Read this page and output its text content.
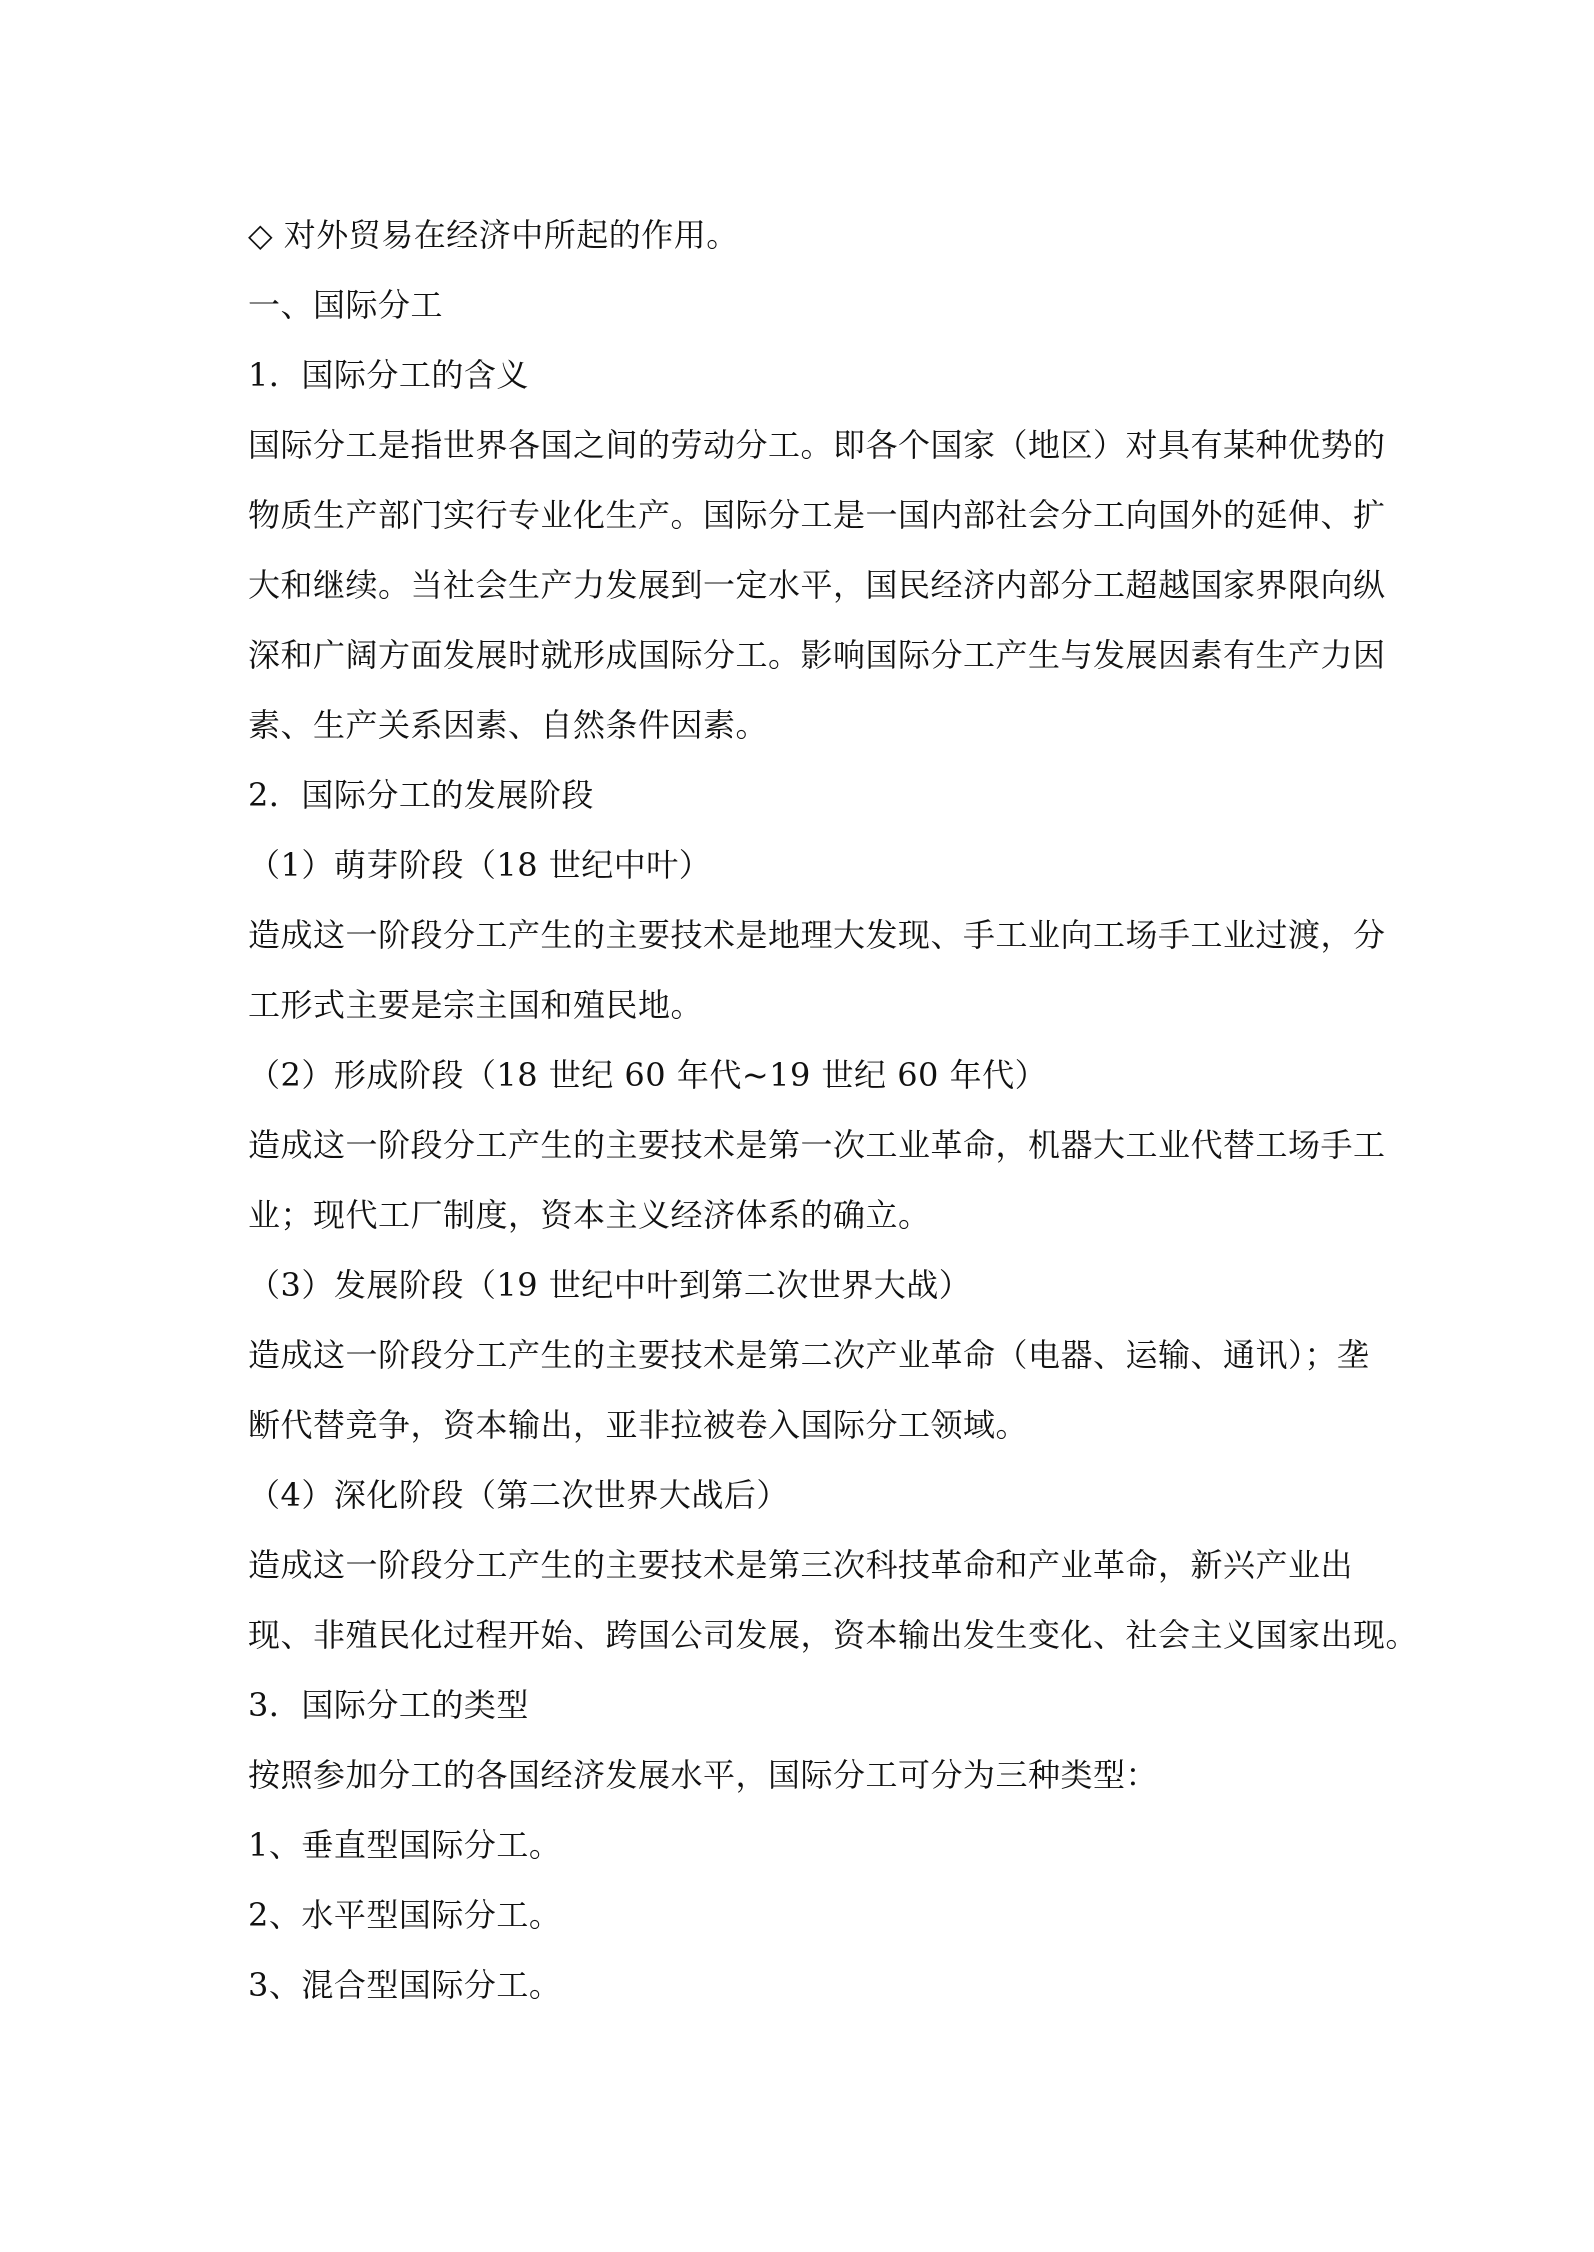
◇ 对外贸易在经济中所起的作用。

一、国际分工

1．国际分工的含义

国际分工是指世界各国之间的劳动分工。即各个国家（地区）对具有某种优势的

物质生产部门实行专业化生产。国际分工是一国内部社会分工向国外的延伸、扩

大和继续。当社会生产力发展到一定水平，国民经济内部分工超越国家界限向纵

深和广阔方面发展时就形成国际分工。影响国际分工产生与发展因素有生产力因

素、生产关系因素、自然条件因素。

2．国际分工的发展阶段

（1）萌芽阶段（18 世纪中叶）

造成这一阶段分工产生的主要技术是地理大发现、手工业向工场手工业过渡，分

工形式主要是宗主国和殖民地。

（2）形成阶段（18 世纪 60 年代~19 世纪 60 年代）

造成这一阶段分工产生的主要技术是第一次工业革命，机器大工业代替工场手工

业；现代工厂制度，资本主义经济体系的确立。

（3）发展阶段（19 世纪中叶到第二次世界大战）

造成这一阶段分工产生的主要技术是第二次产业革命（电器、运输、通讯）；垄

断代替竞争，资本输出，亚非拉被卷入国际分工领域。

（4）深化阶段（第二次世界大战后）

造成这一阶段分工产生的主要技术是第三次科技革命和产业革命，新兴产业出

现、非殖民化过程开始、跨国公司发展，资本输出发生变化、社会主义国家出现。

3．国际分工的类型

按照参加分工的各国经济发展水平，国际分工可分为三种类型：

1、垂直型国际分工。

2、水平型国际分工。

3、混合型国际分工。
